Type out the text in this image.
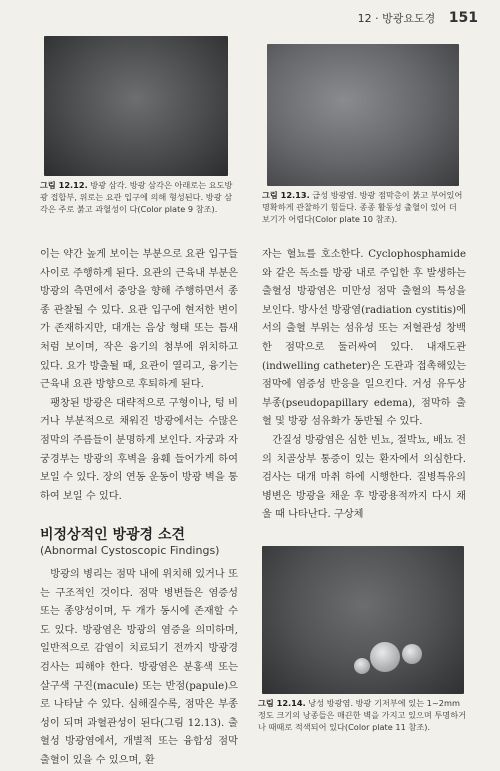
12 · 방광요도경 151
그림 12.12. 방광 삼각. 방광 삼각은 아래로는 요도방광 접합부, 위로는 요관 입구에 의해 형성된다. 방광 삼각은 주로 붉고 과혈성이 다(Color plate 9 참조).
그림 12.13. 급성 방광염. 방광 점막층이 붉고 부어있어 명확하게 관찰하기 힘들다. 종종 활동성 출혈이 있어 더 보기가 어렵다(Color plate 10 참조).

이는 약간 높게 보이는 부분으로 요관 입구들 사이로 주행하게 된다. 요관의 근육내 부분은 방광의 측면에서 중앙을 향해 주행하면서 종종 관찰될 수 있다. 요관 입구에 현저한 변이가 존재하지만, 대개는 음상 형태 또는 틈새처럼 보이며, 작은 융기의 첨부에 위치하고 있다. 요가 방출될 때, 요관이 열리고, 융기는 근육내 요관 방향으로 후퇴하게 된다.

팽창된 방광은 대략적으로 구형이나, 텅 비거나 부분적으로 채워진 방광에서는 수많은 점막의 주름들이 분명하게 보인다. 자궁과 자궁경부는 방광의 후벽을 융훼 들어가게 하여 보일 수 있다. 장의 연동 운동이 방광 벽을 통하여 보일 수 있다.

비정상적인 방광경 소견
(Abnormal Cystoscopic Findings)

방광의 병리는 점막 내에 위치해 있거나 또는 구조적인 것이다. 점막 병변들은 염증성 또는 종양성이며, 두 개가 동시에 존재할 수도 있다. 방광염은 방광의 염증을 의미하며, 일반적으로 감염이 치료되기 전까지 방광경 검사는 피해야 한다. 방광염은 분홍색 또는 살구색 구진(macule) 또는 반점(papule)으로 나타날 수 있다. 심해질수록, 점막은 부종성이 되며 과혈관성이 된다(그림 12.13). 출혈성 방광염에서, 개별적 또는 융합성 점막 출혈이 있을 수 있으며, 환

자는 혈뇨를 호소한다. Cyclophosphamide와 같은 독소를 방광 내로 주입한 후 발생하는 출혈성 방광염은 미만성 점막 출혈의 특성을 보인다. 방사선 방광염(radiation cystitis)에서의 출혈 부위는 섬유성 또는 저혈관성 창백한 점막으로 둘러싸여 있다. 내재도관(indwelling catheter)은 도관과 접촉해있는 점막에 염증성 반응을 일으킨다. 거성 유두상 부종(pseudopapillary edema), 점막하 출혈 및 방광 섬유화가 동반될 수 있다.

간질성 방광염은 심한 빈뇨, 절박뇨, 배뇨 전의 치골상부 통증이 있는 환자에서 의심한다. 검사는 대개 마취 하에 시행한다. 질병특유의 병변은 방광을 채운 후 방광용적까지 다시 채울 때 나타난다. 구상체

그림 12.14. 낭성 방광염. 방광 기저부에 있는 1~2mm 정도 크기의 낭종들은 매끈한 벽을 가지고 있으며 투명하거나 때때로 적색되어 있다(Color plate 11 참조).
